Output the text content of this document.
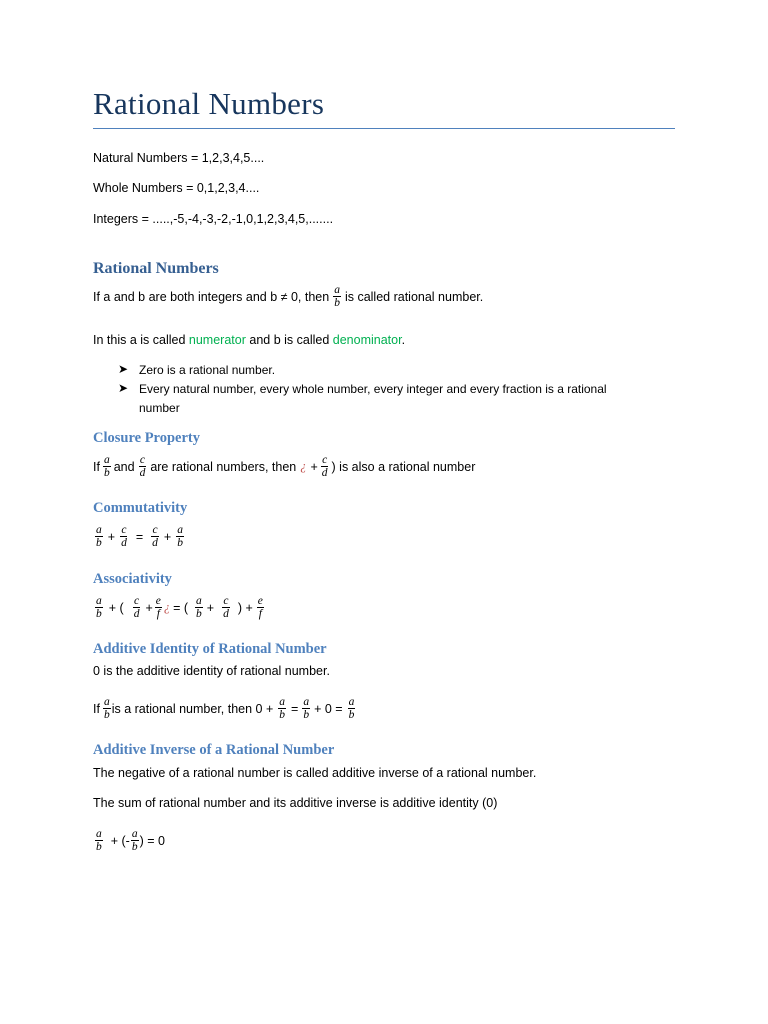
Rational Numbers
Natural Numbers = 1,2,3,4,5....
Whole Numbers = 0,1,2,3,4....
Integers = .....,-5,-4,-3,-2,-1,0,1,2,3,4,5,.......
Rational Numbers
If a and b are both integers and b ≠ 0, then $\frac{a}{b}$ is called rational number.
In this a is called numerator and b is called denominator.
➤ Zero is a rational number.
➤ Every natural number, every whole number, every integer and every fraction is a rational
number
Closure Property
If $\frac{a}{b}$ and $\frac{c}{d}$ are rational numbers, then ¿ + $\frac{c}{d}$ ) is also a rational number
Commutativity
$\frac{a}{b} + \frac{c}{d} = \frac{c}{d} + \frac{a}{b}$
Associativity
$\frac{a}{b}$ + ( $\frac{c}{d} + \frac{e}{f}$ ¿ = ( $\frac{a}{b} + \frac{c}{d}$ ) + $\frac{e}{f}$
Additive Identity of Rational Number
0 is the additive identity of rational number.
If $\frac{a}{b}$ is a rational number, then $0 + \frac{a}{b} = \frac{a}{b} + 0 = \frac{a}{b}$
Additive Inverse of a Rational Number
The negative of a rational number is called additive inverse of a rational number.
The sum of rational number and its additive inverse is additive identity (0)
$\frac{a}{b}$ + (- $\frac{a}{b}$ ) = 0
